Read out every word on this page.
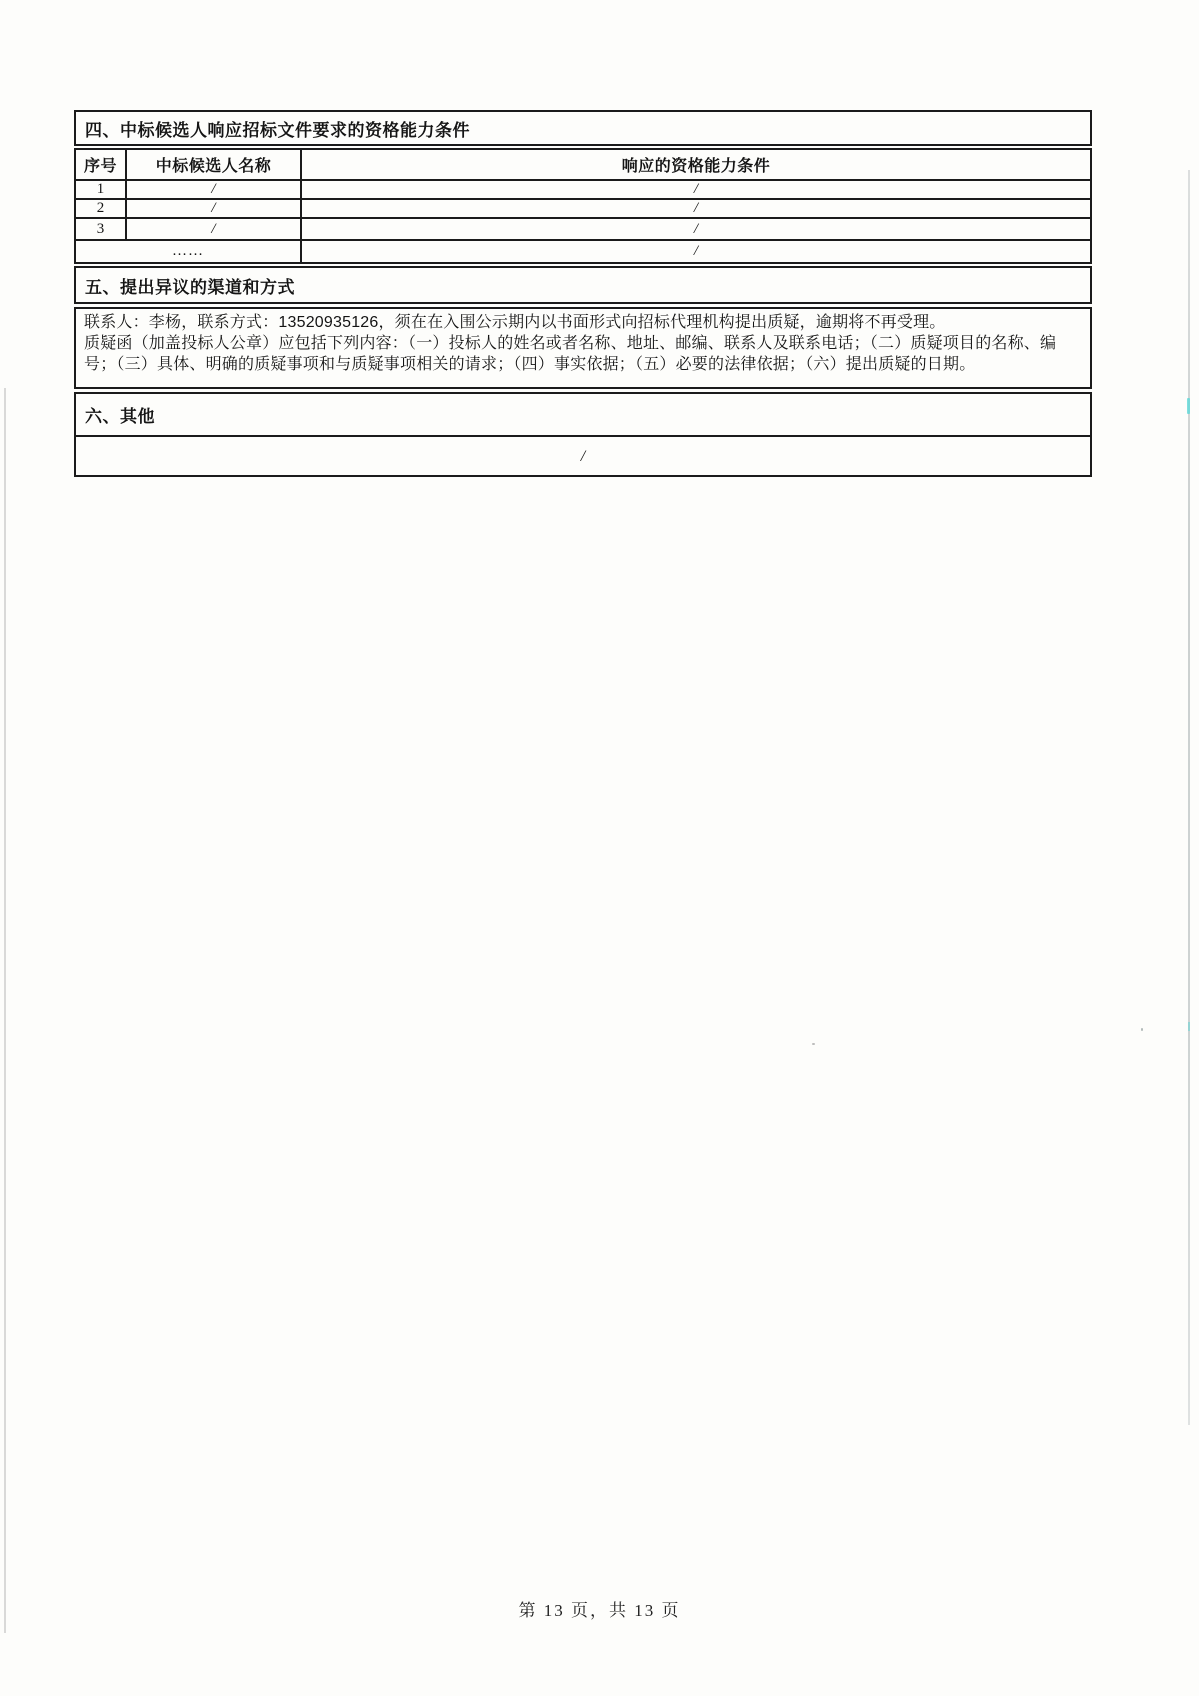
四、中标候选人响应招标文件要求的资格能力条件
序号	中标候选人名称	响应的资格能力条件
1	/	/
2	/	/
3	/	/
……		/
五、提出异议的渠道和方式

联系人：李杨，联系方式：13520935126，须在在入围公示期内以书面形式向招标代理机构提出质疑，逾期将不再受理。

质疑函（加盖投标人公章）应包括下列内容：（一）投标人的姓名或者名称、地址、邮编、联系人及联系电话；（二）质疑项目的名称、编号；（三）具体、明确的质疑事项和与质疑事项相关的请求；（四）事实依据；（五）必要的法律依据；（六）提出质疑的日期。

六、其他
/
第 13 页，共 13 页
